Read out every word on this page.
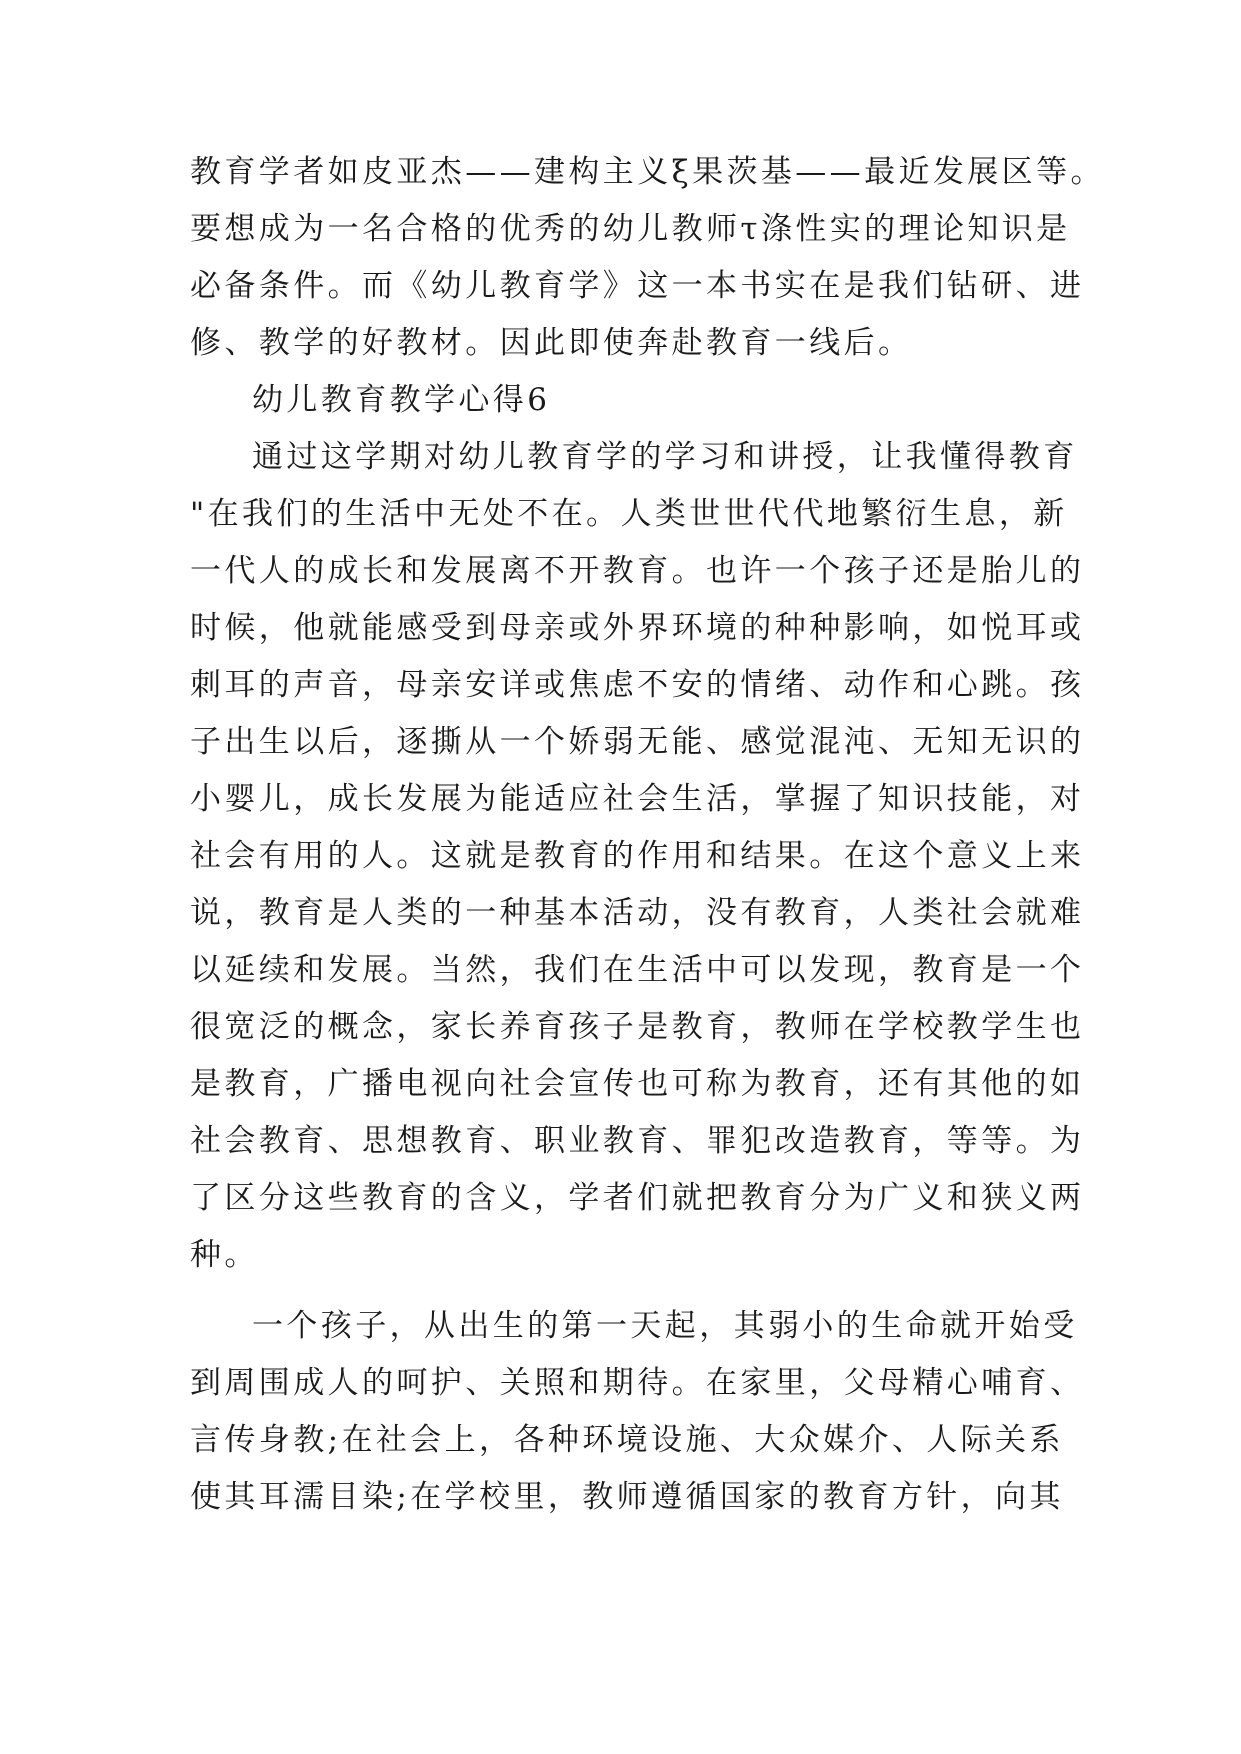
教育学者如皮亚杰——建构主义ξ果茨基——最近发展区等。
要想成为一名合格的优秀的幼儿教师τ涤性实的理论知识是
必备条件。而《幼儿教育学》这一本书实在是我们钻研、进
修、教学的好教材。因此即使奔赴教育一线后。
幼儿教育教学心得6
通过这学期对幼儿教育学的学习和讲授，让我懂得教育
"在我们的生活中无处不在。人类世世代代地繁衍生息，新
一代人的成长和发展离不开教育。也许一个孩子还是胎儿的
时候，他就能感受到母亲或外界环境的种种影响，如悦耳或
刺耳的声音，母亲安详或焦虑不安的情绪、动作和心跳。孩
子出生以后，逐撕从一个娇弱无能、感觉混沌、无知无识的
小婴儿，成长发展为能适应社会生活，掌握了知识技能，对
社会有用的人。这就是教育的作用和结果。在这个意义上来
说，教育是人类的一种基本活动，没有教育，人类社会就难
以延续和发展。当然，我们在生活中可以发现，教育是一个
很宽泛的概念，家长养育孩子是教育，教师在学校教学生也
是教育，广播电视向社会宣传也可称为教育，还有其他的如
社会教育、思想教育、职业教育、罪犯改造教育，等等。为
了区分这些教育的含义，学者们就把教育分为广义和狭义两
种。
一个孩子，从出生的第一天起，其弱小的生命就开始受
到周围成人的呵护、关照和期待。在家里，父母精心哺育、
言传身教;在社会上，各种环境设施、大众媒介、人际关系
使其耳濡目染;在学校里，教师遵循国家的教育方针，向其
